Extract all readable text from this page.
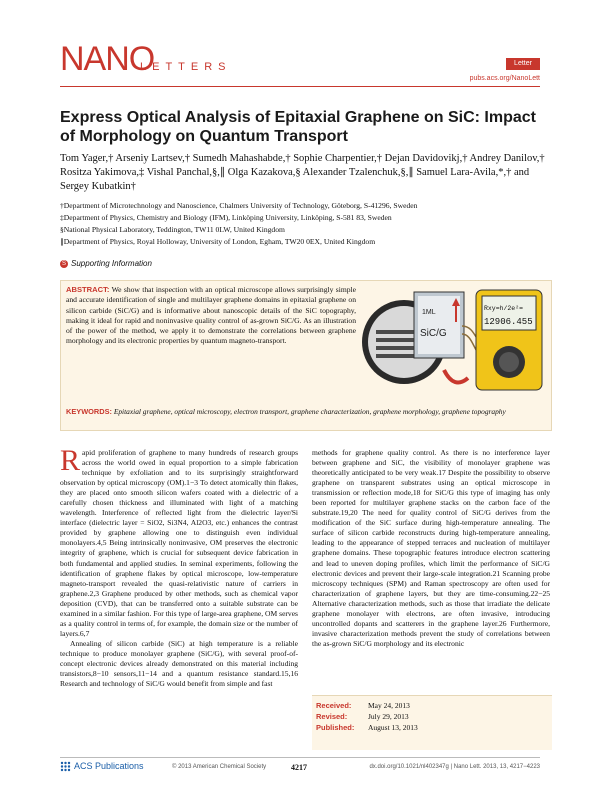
NANO
LETTERS	Letter
pubs.acs.org/NanoLett
Express Optical Analysis of Epitaxial Graphene on SiC: Impact of Morphology on Quantum Transport
Tom Yager,† Arseniy Lartsev,† Sumedh Mahashabde,† Sophie Charpentier,† Dejan Davidovikj,† Andrey Danilov,† Rositza Yakimova,‡ Vishal Panchal,§,∥ Olga Kazakova,§ Alexander Tzalenchuk,§,∥ Samuel Lara-Avila,*,† and Sergey Kubatkin†
†Department of Microtechnology and Nanoscience, Chalmers University of Technology, Göteborg, S-41296, Sweden
‡Department of Physics, Chemistry and Biology (IFM), Linköping University, Linköping, S-581 83, Sweden
§National Physical Laboratory, Teddington, TW11 0LW, United Kingdom
∥Department of Physics, Royal Holloway, University of London, Egham, TW20 0EX, United Kingdom
S Supporting Information
ABSTRACT: We show that inspection with an optical microscope allows surprisingly simple and accurate identification of single and multilayer graphene domains in epitaxial graphene on silicon carbide (SiC/G) and is informative about nanoscopic details of the SiC topography, making it ideal for rapid and noninvasive quality control of as-grown SiC/G. As an illustration of the power of the method, we apply it to demonstrate the correlations between graphene morphology and its electronic properties by quantum magneto-transport.
1ML
SiC/G
Rxy=h/2e²=
12906.455
KEYWORDS: Epitaxial graphene, optical microscopy, electron transport, graphene characterization, graphene morphology, graphene topography

Rapid proliferation of graphene to many hundreds of research groups across the world owed in equal proportion to a simple fabrication technique by exfoliation and to its surprisingly straightforward observation by optical microscopy (OM).1−3 To detect atomically thin flakes, they are placed onto smooth silicon wafers coated with a dielectric of a carefully chosen thickness and illuminated with light of a matching wavelength. Interference of reflected light from the dielectric layer/Si interface (dielectric layer = SiO2, Si3N4, Al2O3, etc.) enhances the contrast provided by graphene allowing one to distinguish even individual monolayers.4,5 Being intrinsically noninvasive, OM preserves the electronic integrity of graphene, which is crucial for subsequent device fabrication in both fundamental and applied studies. In seminal experiments, following the identification of graphene flakes by optical microscope, low-temperature magneto-transport revealed the quasi-relativistic nature of carriers in graphene.2,3 Graphene produced by other methods, such as chemical vapor deposition (CVD), that can be transferred onto a suitable substrate can be examined in a similar fashion. For this type of large-area graphene, OM serves as a quality control in terms of, for example, the domain size or the number of layers.6,7

Annealing of silicon carbide (SiC) at high temperature is a reliable technique to produce monolayer graphene (SiC/G), with several proof-of-concept electronic devices already demonstrated on this material including transistors,8−10 sensors,11−14 and a quantum resistance standard.15,16 Research and technology of SiC/G would benefit from simple and fast

methods for graphene quality control. As there is no interference layer between graphene and SiC, the visibility of monolayer graphene was theoretically anticipated to be very weak.17 Despite the possibility to observe graphene on transparent substrates using an optical microscope in transmission or reflection mode,18 for SiC/G this type of imaging has only been reported for multilayer graphene stacks on the carbon face of the substrate.19,20 The need for quality control of SiC/G derives from the modification of the SiC surface during high-temperature annealing. The surface of silicon carbide reconstructs during high-temperature annealing, leading to the appearance of stepped terraces and nucleation of multilayer graphene domains. These topographic features introduce electron scattering and lead to uneven doping profiles, which limit the performance of SiC/G electronic devices and prevent their large-scale integration.21 Scanning probe microscopy techniques (SPM) and Raman spectroscopy are often used for characterization of graphene layers, but they are time-consuming.22−25 Alternative characterization methods, such as those that irradiate the delicate graphene monolayer with electrons, are often invasive, introducing uncontrolled dopants and scatterers in the graphene layer.26 Furthermore, invasive characterization methods prevent the study of correlations between the as-grown SiC/G morphology and its electronic

Received: May 24, 2013
Revised:	July 29, 2013
Published: August 13, 2013
ACS Publications	© 2013 American Chemical Society	4217	dx.doi.org/10.1021/nl402347g | Nano Lett. 2013, 13, 4217−4223
